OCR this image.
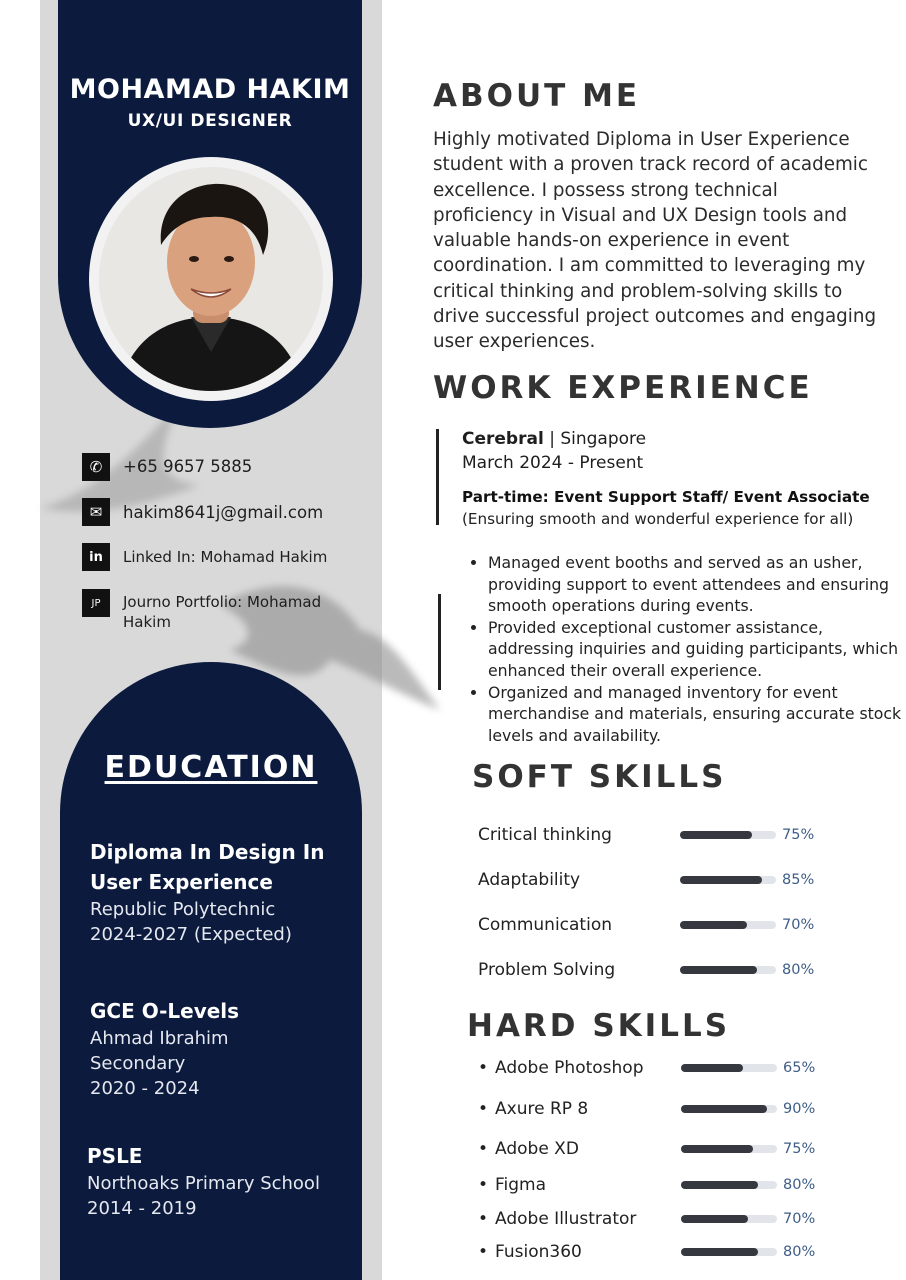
MOHAMAD HAKIM
UX/UI DESIGNER
✆	+65 9657 5885
✉	hakim8641j@gmail.com
in	Linked In: Mohamad Hakim
JP	Journo Portfolio: Mohamad Hakim
EDUCATION
Diploma In Design In User Experience
Republic Polytechnic
2024-2027 (Expected)
GCE O-Levels
Ahmad Ibrahim Secondary
2020 - 2024
PSLE
Northoaks Primary School
2014 - 2019
ABOUT ME
Highly motivated Diploma in User Experience student with a proven track record of academic excellence. I possess strong technical proficiency in Visual and UX Design tools and valuable hands-on experience in event coordination. I am committed to leveraging my critical thinking and problem-solving skills to drive successful project outcomes and engaging user experiences.
WORK EXPERIENCE
Cerebral | Singapore
March 2024 - Present
Part-time: Event Support Staff/ Event Associate
(Ensuring smooth and wonderful experience for all)
• Managed event booths and served as an usher, providing support to event attendees and ensuring smooth operations during events.
• Provided exceptional customer assistance, addressing inquiries and guiding participants, which enhanced their overall experience.
• Organized and managed inventory for event merchandise and materials, ensuring accurate stock levels and availability.
SOFT SKILLS
Critical thinking	75%
Adaptability	85%
Communication	70%
Problem Solving	80%
HARD SKILLS
• Adobe Photoshop	65%
• Axure RP 8	90%
• Adobe XD	75%
• Figma	80%
• Adobe Illustrator	70%
• Fusion360	80%
